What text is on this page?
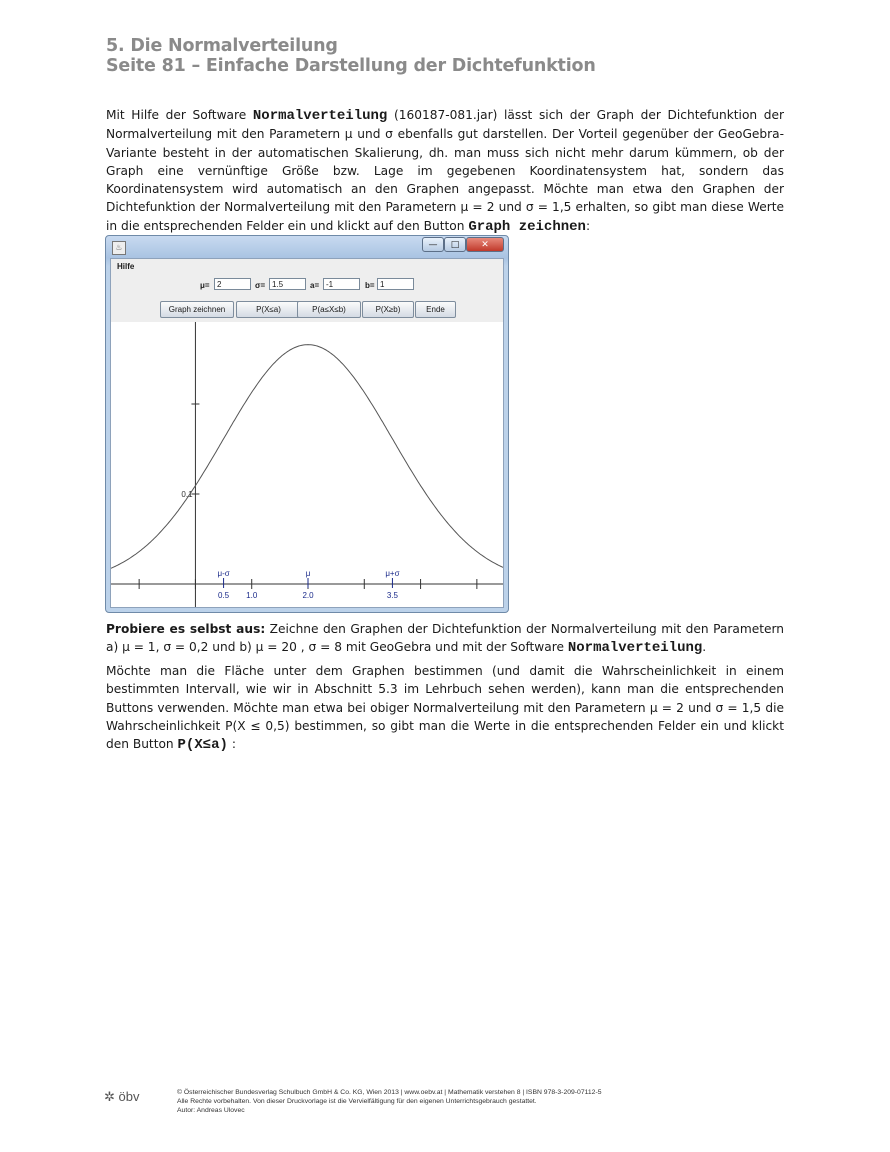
5. Die Normalverteilung
Seite 81 – Einfache Darstellung der Dichtefunktion
Mit Hilfe der Software Normalverteilung (160187-081.jar) lässt sich der Graph der Dichtefunktion der Normalverteilung mit den Parametern μ und σ ebenfalls gut darstellen. Der Vorteil gegenüber der GeoGebra-Variante besteht in der automatischen Skalierung, dh. man muss sich nicht mehr darum kümmern, ob der Graph eine vernünftige Größe bzw. Lage im gegebenen Koordinatensystem hat, sondern das Koordinatensystem wird automatisch an den Graphen angepasst. Möchte man etwa den Graphen der Dichtefunktion der Normalverteilung mit den Parametern μ = 2 und σ = 1,5 erhalten, so gibt man diese Werte in die entsprechenden Felder ein und klickt auf den Button Graph zeichnen:
♨	—	□	✕
Hilfe
μ= 2	σ= 1.5	a= -1	b= 1
Graph zeichnen	P(X≤a)	P(a≤X≤b)	P(X≥b)	Ende
0.1
μ-σ
0.5 1.0
μ
2.0
μ+σ
3.5
Probiere es selbst aus: Zeichne den Graphen der Dichtefunktion der Normalverteilung mit den Parametern a) μ = 1, σ = 0,2 und b) μ = 20 , σ = 8 mit GeoGebra und mit der Software Normalverteilung.
Möchte man die Fläche unter dem Graphen bestimmen (und damit die Wahrscheinlichkeit in einem bestimmten Intervall, wie wir in Abschnitt 5.3 im Lehrbuch sehen werden), kann man die entsprechenden Buttons verwenden. Möchte man etwa bei obiger Normalverteilung mit den Parametern μ = 2 und σ = 1,5 die Wahrscheinlichkeit P(X ≤ 0,5) bestimmen, so gibt man die Werte in die entsprechenden Felder ein und klickt den Button P(X≤a) :
✲ öbv	© Österreichischer Bundesverlag Schulbuch GmbH & Co. KG, Wien 2013 | www.oebv.at | Mathematik verstehen 8 | ISBN 978-3-209-07112-5
Alle Rechte vorbehalten. Von dieser Druckvorlage ist die Vervielfältigung für den eigenen Unterrichtsgebrauch gestattet.
Autor: Andreas Ulovec
